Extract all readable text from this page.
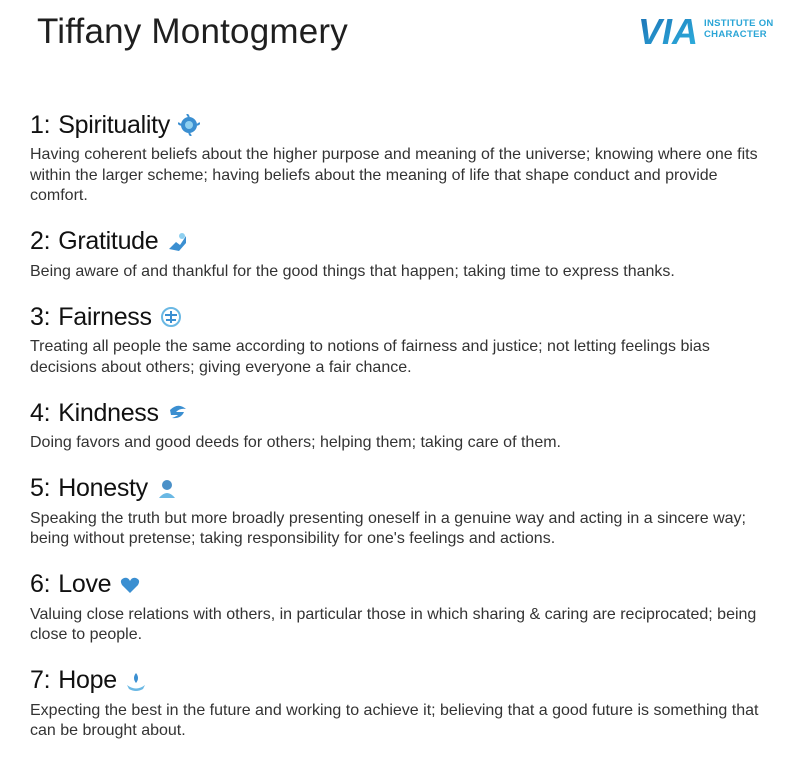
Tiffany Montogmery	VIA INSTITUTE ON
CHARACTER
1: Spirituality
Having coherent beliefs about the higher purpose and meaning of the universe; knowing where one fits within the larger scheme; having beliefs about the meaning of life that shape conduct and provide comfort.
2: Gratitude
Being aware of and thankful for the good things that happen; taking time to express thanks.
3: Fairness
Treating all people the same according to notions of fairness and justice; not letting feelings bias decisions about others; giving everyone a fair chance.
4: Kindness
Doing favors and good deeds for others; helping them; taking care of them.
5: Honesty
Speaking the truth but more broadly presenting oneself in a genuine way and acting in a sincere way; being without pretense; taking responsibility for one's feelings and actions.
6: Love
Valuing close relations with others, in particular those in which sharing & caring are reciprocated; being close to people.
7: Hope
Expecting the best in the future and working to achieve it; believing that a good future is something that can be brought about.
